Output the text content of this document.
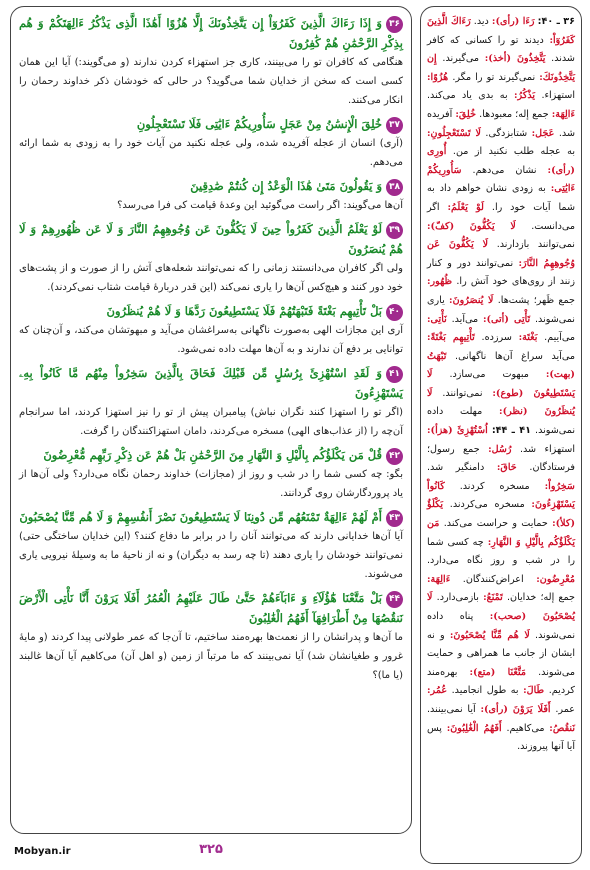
۳۶وَ إِذَا رَءَاكَ الَّذِينَ كَفَرُوٓاْ إِن يَتَّخِذُونَكَ إِلَّا هُزُوًا أَهَٰذَا الَّذِى يَذْكُرُ ءَالِهَتَكُمْ وَ هُم بِذِكْرِ الرَّحْمَٰنِ هُمْ كَٰفِرُونَ
هنگامی که کافران تو را می‌بینند، کاری جز استهزاء کردن ندارند (و می‌گویند:) آیا این همان کسی است که سخن از خدایان شما می‌گوید؟ در حالی که خودشان ذکر خداوند رحمان را انکار می‌کنند.
۳۷خُلِقَ الْإِنسَٰنُ مِنْ عَجَلٍ سَأُورِيكُمْ ءَايَٰتِى فَلَا تَسْتَعْجِلُونِ
(آری) انسان از عجله آفریده شده، ولی عجله نکنید من آیات خود را به زودی به شما ارائه می‌دهم.
۳۸وَ يَقُولُونَ مَتَىٰ هَٰذَا الْوَعْدُ إِن كُنتُمْ صَٰدِقِينَ
آن‌ها می‌گویند: اگر راست می‌گوئید این وعدهٔ قیامت کی فرا می‌رسد؟
۳۹لَوْ يَعْلَمُ الَّذِينَ كَفَرُواْ حِينَ لَا يَكُفُّونَ عَن وُجُوهِهِمُ النَّارَ وَ لَا عَن ظُهُورِهِمْ وَ لَا هُمْ يُنصَرُونَ
ولی اگر کافران می‌دانستند زمانی را که نمی‌توانند شعله‌های آتش را از صورت و از پشت‌های خود دور کنند و هیچ‌کس آن‌ها را یاری نمی‌کند (این قدر دربارهٔ قیامت شتاب نمی‌کردند).
۴۰بَلْ تَأْتِيهِم بَغْتَةً فَتَبْهَتُهُمْ فَلَا يَسْتَطِيعُونَ رَدَّهَا وَ لَا هُمْ يُنظَرُونَ
آری این مجازات الهی به‌صورت ناگهانی به‌سراغشان می‌آید و مبهوتشان می‌کند، و آن‌چنان که توانایی بر دفع آن ندارند و به آن‌ها مهلت داده نمی‌شود.
۴۱وَ لَقَدِ اسْتُهْزِئَ بِرُسُلٍ مِّن قَبْلِكَ فَحَاقَ بِالَّذِينَ سَخِرُواْ مِنْهُم مَّا كَانُواْ بِهِۦ يَسْتَهْزِءُونَ
(اگر تو را استهزا کنند نگران نباش) پیامبران پیش از تو را نیز استهزا کردند، اما سرانجام آن‌چه را (از عذاب‌های الهی) مسخره می‌کردند، دامان استهزاکنندگان را گرفت.
۴۲قُلْ مَن يَكْلَؤُكُم بِالَّيْلِ وَ النَّهَارِ مِنَ الرَّحْمَٰنِ بَلْ هُمْ عَن ذِكْرِ رَبِّهِم مُّعْرِضُونَ
بگو: چه کسی شما را در شب و روز از (مجازات) خداوند رحمان نگاه می‌دارد؟ ولی آن‌ها از یاد پروردگارشان روی گردانند.
۴۳أَمْ لَهُمْ ءَالِهَةٌ تَمْنَعُهُم مِّن دُونِنَا لَا يَسْتَطِيعُونَ نَصْرَ أَنفُسِهِمْ وَ لَا هُم مِّنَّا يُصْحَبُونَ
آیا آن‌ها خدایانی دارند که می‌توانند آنان را در برابر ما دفاع کنند؟ (این خدایان ساختگی حتی) نمی‌توانند خودشان را یاری دهند (تا چه رسد به دیگران) و نه از ناحیهٔ ما به وسیلهٔ نیرویی یاری می‌شوند.
۴۴بَلْ مَتَّعْنَا هَٰٓؤُلَآءِ وَ ءَابَآءَهُمْ حَتَّىٰ طَالَ عَلَيْهِمُ الْعُمُرُ أَفَلَا يَرَوْنَ أَنَّا نَأْتِى الْأَرْضَ نَنقُصُهَا مِنْ أَطْرَافِهَآ أَفَهُمُ الْغَٰلِبُونَ
ما آن‌ها و پدرانشان را از نعمت‌ها بهره‌مند ساختیم، تا آن‌جا که عمر طولانی پیدا کردند (و مایهٔ غرور و طغیانشان شد) آیا نمی‌بینند که ما مرتباً از زمین (و اهل آن) می‌کاهیم آیا آن‌ها غالبند (یا ما)؟
۳۶ ـ ۴۰: رَءَا (رأی): دید. رَءَاكَ الَّذِينَ كَفَرُوٓاْ: دیدند تو را کسانی که کافر شدند. يَتَّخِذُونَ (أخذ): می‌گیرند. إِن يَتَّخِذُونَكَ: نمی‌گیرند تو را مگر. هُزُوًا: استهزاء. يَذْكُرُ: به بدی یاد می‌کند. ءَالِهَة: جمع إله؛ معبودها. خُلِقَ: آفریده شد. عَجَل: شتابزدگی. لَا تَسْتَعْجِلُونِ: به عجله طلب نکنید از من. أُورِى (رأی): نشان می‌دهم. سَأُورِيكُمْ ءَايَٰتِى: به زودی نشان خواهم داد به شما آیات خود را. لَوْ يَعْلَمُ: اگر می‌دانست. لَا يَكُفُّونَ (كفّ): نمی‌توانند بازدارند. لَا يَكُفُّونَ عَن وُجُوهِهِمُ النَّارَ: نمی‌توانند دور و کنار زنند از روی‌های خود آتش را. ظُهُور: جمع ظَهر؛ پشت‌ها. لَا يُنصَرُونَ: یاری نمی‌شوند. تَأْتِى (أتی): می‌آید. نَأْتِى: می‌آییم. بَغْتَة: سرزده. تَأْتِيهِم بَغْتَةً: می‌آید سراغ آن‌ها ناگهانی. تَبْهَتُ (بهت): مبهوت می‌سازد. لَا يَسْتَطِيعُونَ (طوع): نمی‌توانند. لَا يُنظَرُونَ (نظر): مهلت داده نمی‌شوند. ۴۱ ـ ۴۴: اُسْتُهْزِئَ (هزأ): استهزاء شد. رُسُل: جمع رسول؛ فرستادگان. حَاقَ: دامنگیر شد. سَخِرُواْ: مسخره کردند. كَانُواْ يَسْتَهْزِءُونَ: مسخره می‌کردند. يَكْلَؤُ (كلأ): حمایت و حراست می‌کند. مَن يَكْلَؤُكُم بِالَّيْلِ وَ النَّهَارِ: چه کسی شما را در شب و روز نگاه می‌دارد. مُعْرِضُون: اعراض‌کنندگان. ءَالِهَة: جمع إله؛ خدایان. تَمْنَعُ: بازمی‌دارد. لَا يُصْحَبُونَ (صحب): پناه داده نمی‌شوند. لَا هُم مِّنَّا يُصْحَبُونَ: و نه ایشان از جانب ما همراهی و حمایت می‌شوند. مَتَّعْنَا (متع): بهره‌مند کردیم. طَالَ: به طول انجامید. عُمُر: عمر. أَفَلَا يَرَوْنَ (رأی): آیا نمی‌بینند. نَنقُصُ: می‌کاهیم. أَفَهُمُ الْغَٰلِبُونَ: پس آیا آنها پیروزند.
۳۲۵
Mobyan.ir
